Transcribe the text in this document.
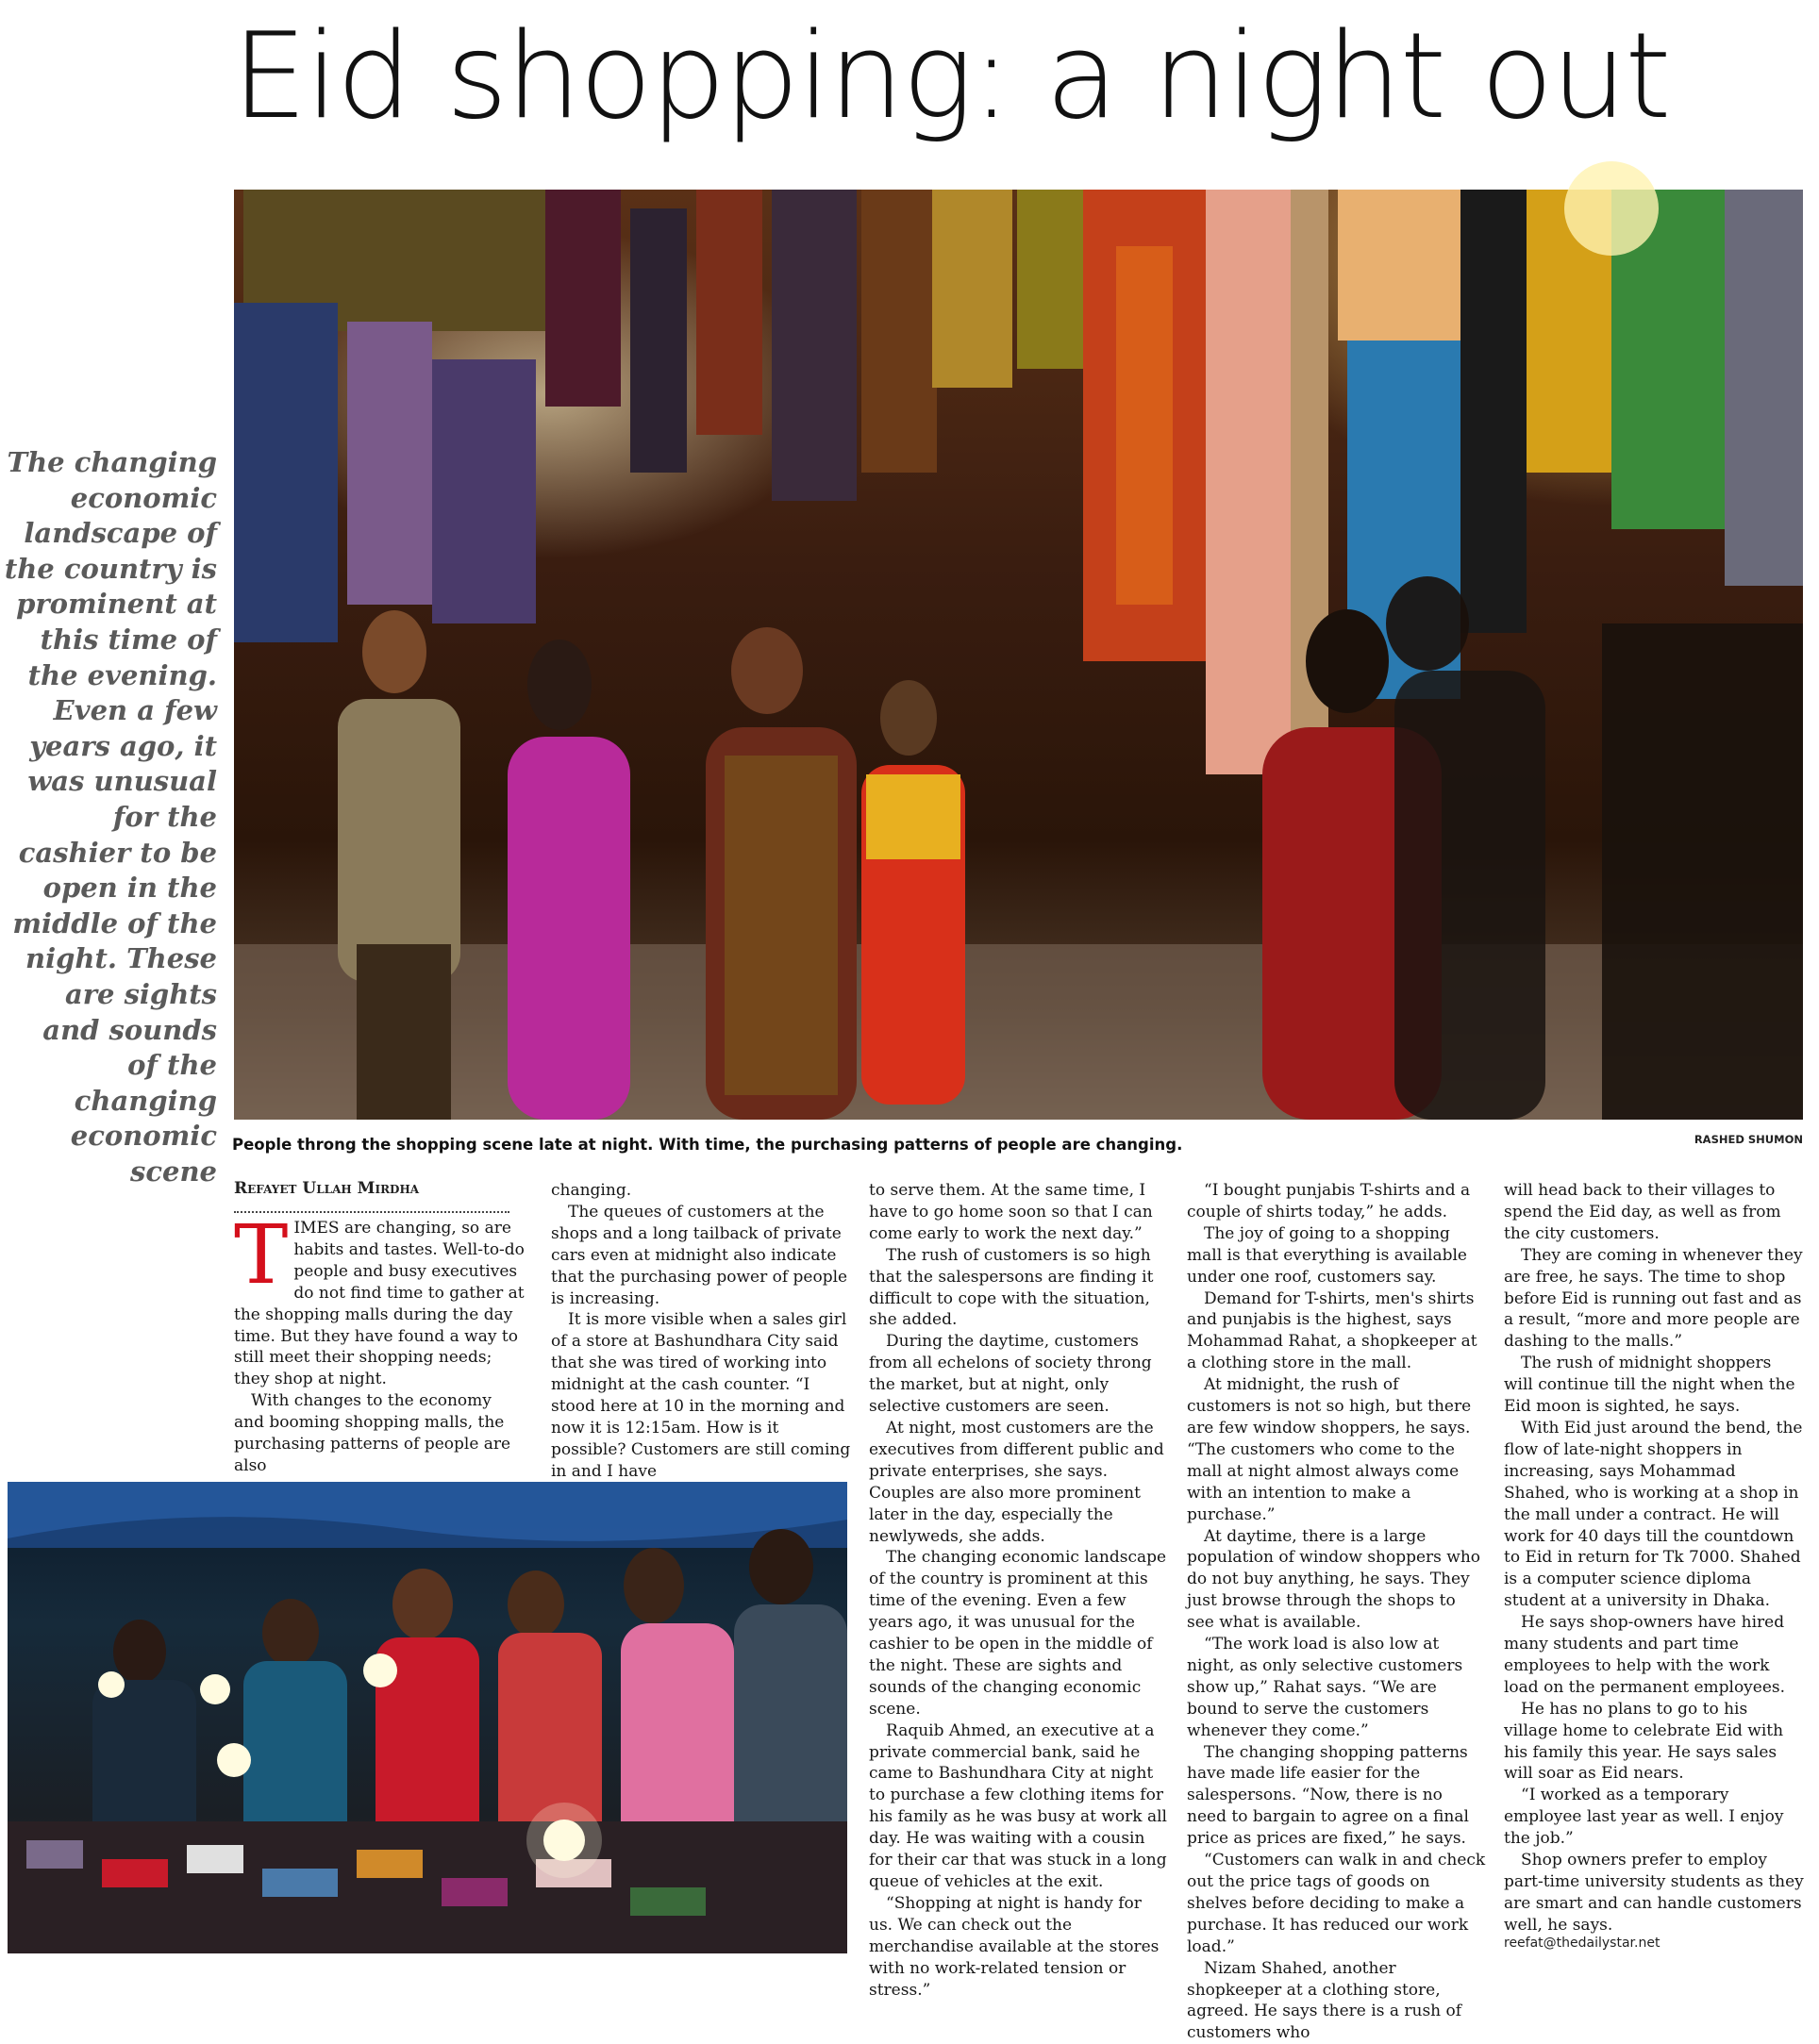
Eid shopping: a night out
The changing economic landscape of the country is prominent at this time of the evening. Even a few years ago, it was unusual for the cashier to be open in the middle of the night. These are sights and sounds of the changing economic scene
People throng the shopping scene late at night. With time, the purchasing patterns of people are changing.	RASHED SHUMON
Refayet Ullah Mirdha

TIMES are changing, so are habits and tastes. Well-to-do people and busy executives do not find time to gather at the shopping malls during the day time. But they have found a way to still meet their shopping needs; they shop at night.

With changes to the economy and booming shopping malls, the purchasing patterns of people are also

changing.

The queues of customers at the shops and a long tailback of private cars even at midnight also indicate that the purchasing power of people is increasing.

It is more visible when a sales girl of a store at Bashundhara City said that she was tired of working into midnight at the cash counter. “I stood here at 10 in the morning and now it is 12:15am. How is it possible? Customers are still coming in and I have

to serve them. At the same time, I have to go home soon so that I can come early to work the next day.”

The rush of customers is so high that the salespersons are finding it difficult to cope with the situation, she added.

During the daytime, customers from all echelons of society throng the market, but at night, only selective customers are seen.

At night, most customers are the executives from different public and private enterprises, she says. Couples are also more prominent later in the day, especially the newlyweds, she adds.

The changing economic landscape of the country is prominent at this time of the evening. Even a few years ago, it was unusual for the cashier to be open in the middle of the night. These are sights and sounds of the changing economic scene.

Raquib Ahmed, an executive at a private commercial bank, said he came to Bashundhara City at night to purchase a few clothing items for his family as he was busy at work all day. He was waiting with a cousin for their car that was stuck in a long queue of vehicles at the exit.

“Shopping at night is handy for us. We can check out the merchandise available at the stores with no work-related tension or stress.”

“I bought punjabis T-shirts and a couple of shirts today,” he adds.

The joy of going to a shopping mall is that everything is available under one roof, customers say.

Demand for T-shirts, men's shirts and punjabis is the highest, says Mohammad Rahat, a shopkeeper at a clothing store in the mall.

At midnight, the rush of customers is not so high, but there are few window shoppers, he says. “The customers who come to the mall at night almost always come with an intention to make a purchase.”

At daytime, there is a large population of window shoppers who do not buy anything, he says. They just browse through the shops to see what is available.

“The work load is also low at night, as only selective customers show up,” Rahat says. “We are bound to serve the customers whenever they come.”

The changing shopping patterns have made life easier for the salespersons. “Now, there is no need to bargain to agree on a final price as prices are fixed,” he says.

“Customers can walk in and check out the price tags of goods on shelves before deciding to make a purchase. It has reduced our work load.”

Nizam Shahed, another shopkeeper at a clothing store, agreed. He says there is a rush of customers who

will head back to their villages to spend the Eid day, as well as from the city customers.

They are coming in whenever they are free, he says. The time to shop before Eid is running out fast and as a result, “more and more people are dashing to the malls.”

The rush of midnight shoppers will continue till the night when the Eid moon is sighted, he says.

With Eid just around the bend, the flow of late-night shoppers in increasing, says Mohammad Shahed, who is working at a shop in the mall under a contract. He will work for 40 days till the countdown to Eid in return for Tk 7000. Shahed is a computer science diploma student at a university in Dhaka.

He says shop-owners have hired many students and part time employees to help with the work load on the permanent employees.

He has no plans to go to his village home to celebrate Eid with his family this year. He says sales will soar as Eid nears.

“I worked as a temporary employee last year as well. I enjoy the job.”

Shop owners prefer to employ part-time university students as they are smart and can handle customers well, he says.

reefat@thedailystar.net
